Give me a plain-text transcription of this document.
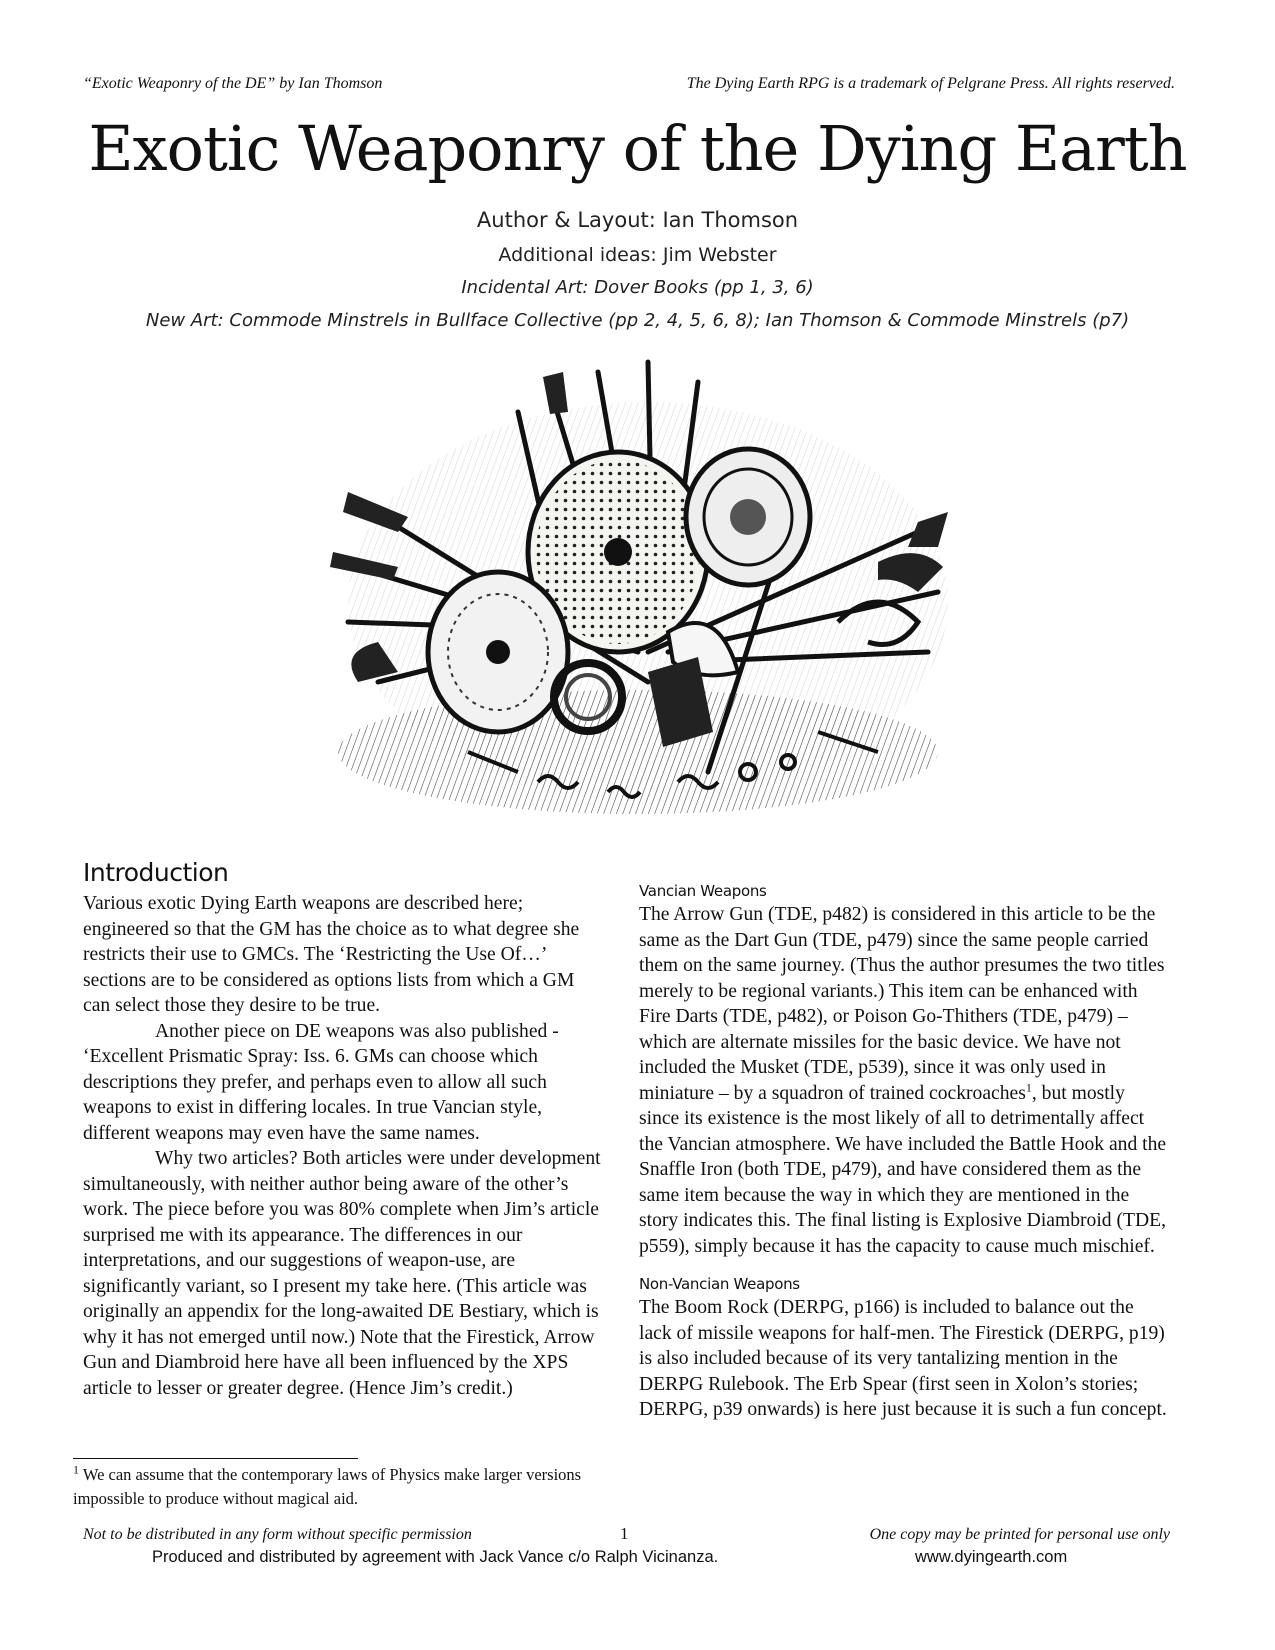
“Exotic Weaponry of the DE” by Ian Thomson	The Dying Earth RPG is a trademark of Pelgrane Press. All rights reserved.
Exotic Weaponry of the Dying Earth
Author & Layout: Ian Thomson
Additional ideas: Jim Webster
Incidental Art: Dover Books (pp 1, 3, 6)
New Art: Commode Minstrels in Bullface Collective (pp 2, 4, 5, 6, 8); Ian Thomson & Commode Minstrels (p7)
Introduction

Various exotic Dying Earth weapons are described here; engineered so that the GM has the choice as to what degree she restricts their use to GMCs. The ‘Restricting the Use Of…’ sections are to be considered as options lists from which a GM can select those they desire to be true.

Another piece on DE weapons was also published - ‘Excellent Prismatic Spray: Iss. 6. GMs can choose which descriptions they prefer, and perhaps even to allow all such weapons to exist in differing locales. In true Vancian style, different weapons may even have the same names.

Why two articles? Both articles were under development simultaneously, with neither author being aware of the other’s work. The piece before you was 80% complete when Jim’s article surprised me with its appearance. The differences in our interpretations, and our suggestions of weapon-use, are significantly variant, so I present my take here. (This article was originally an appendix for the long-awaited DE Bestiary, which is why it has not emerged until now.) Note that the Firestick, Arrow Gun and Diambroid here have all been influenced by the XPS article to lesser or greater degree. (Hence Jim’s credit.)

Vancian Weapons

The Arrow Gun (TDE, p482) is considered in this article to be the same as the Dart Gun (TDE, p479) since the same people carried them on the same journey. (Thus the author presumes the two titles merely to be regional variants.) This item can be enhanced with Fire Darts (TDE, p482), or Poison Go-Thithers (TDE, p479) – which are alternate missiles for the basic device. We have not included the Musket (TDE, p539), since it was only used in miniature – by a squadron of trained cockroaches$^1$, but mostly since its existence is the most likely of all to detrimentally affect the Vancian atmosphere. We have included the Battle Hook and the Snaffle Iron (both TDE, p479), and have considered them as the same item because the way in which they are mentioned in the story indicates this. The final listing is Explosive Diambroid (TDE, p559), simply because it has the capacity to cause much mischief.

Non-Vancian Weapons

The Boom Rock (DERPG, p166) is included to balance out the lack of missile weapons for half-men. The Firestick (DERPG, p19) is also included because of its very tantalizing mention in the DERPG Rulebook. The Erb Spear (first seen in Xolon’s stories; DERPG, p39 onwards) is here just because it is such a fun concept.

$^1$ We can assume that the contemporary laws of Physics make larger versions impossible to produce without magical aid.
Not to be distributed in any form without specific permission	1	One copy may be printed for personal use only
Produced and distributed by agreement with Jack Vance c/o Ralph Vicinanza.	www.dyingearth.com
